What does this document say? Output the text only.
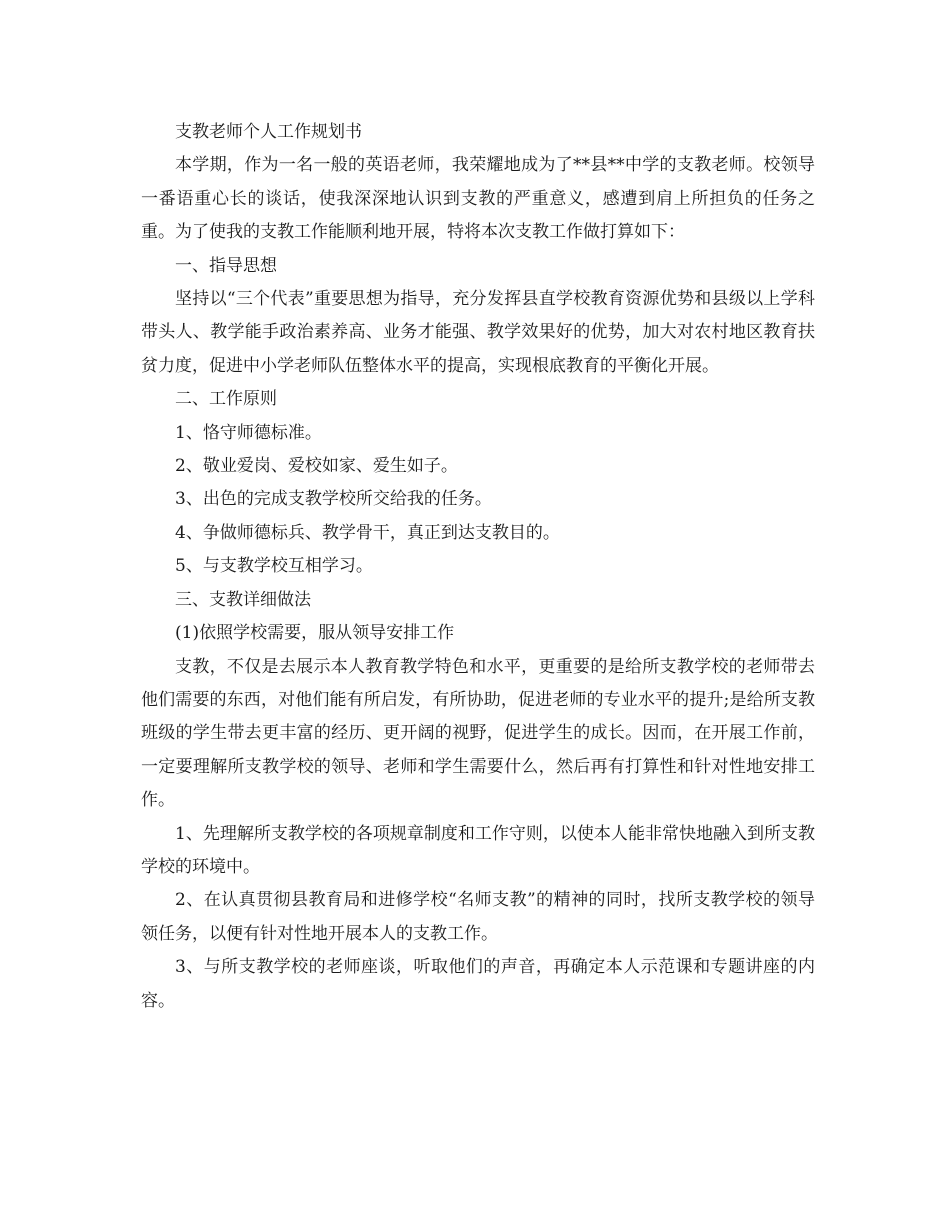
支教老师个人工作规划书

本学期，作为一名一般的英语老师，我荣耀地成为了**县**中学的支教老师。校领导一番语重心长的谈话，使我深深地认识到支教的严重意义，感遭到肩上所担负的任务之重。为了使我的支教工作能顺利地开展，特将本次支教工作做打算如下：

一、指导思想

坚持以“三个代表”重要思想为指导，充分发挥县直学校教育资源优势和县级以上学科带头人、教学能手政治素养高、业务才能强、教学效果好的优势，加大对农村地区教育扶贫力度，促进中小学老师队伍整体水平的提高，实现根底教育的平衡化开展。

二、工作原则

1、恪守师德标准。

2、敬业爱岗、爱校如家、爱生如子。

3、出色的完成支教学校所交给我的任务。

4、争做师德标兵、教学骨干，真正到达支教目的。

5、与支教学校互相学习。

三、支教详细做法

(1)依照学校需要，服从领导安排工作

支教，不仅是去展示本人教育教学特色和水平，更重要的是给所支教学校的老师带去他们需要的东西，对他们能有所启发，有所协助，促进老师的专业水平的提升;是给所支教班级的学生带去更丰富的经历、更开阔的视野，促进学生的成长。因而，在开展工作前，一定要理解所支教学校的领导、老师和学生需要什么，然后再有打算性和针对性地安排工作。

1、先理解所支教学校的各项规章制度和工作守则，以使本人能非常快地融入到所支教学校的环境中。

2、在认真贯彻县教育局和进修学校“名师支教”的精神的同时，找所支教学校的领导领任务，以便有针对性地开展本人的支教工作。

3、与所支教学校的老师座谈，听取他们的声音，再确定本人示范课和专题讲座的内容。
